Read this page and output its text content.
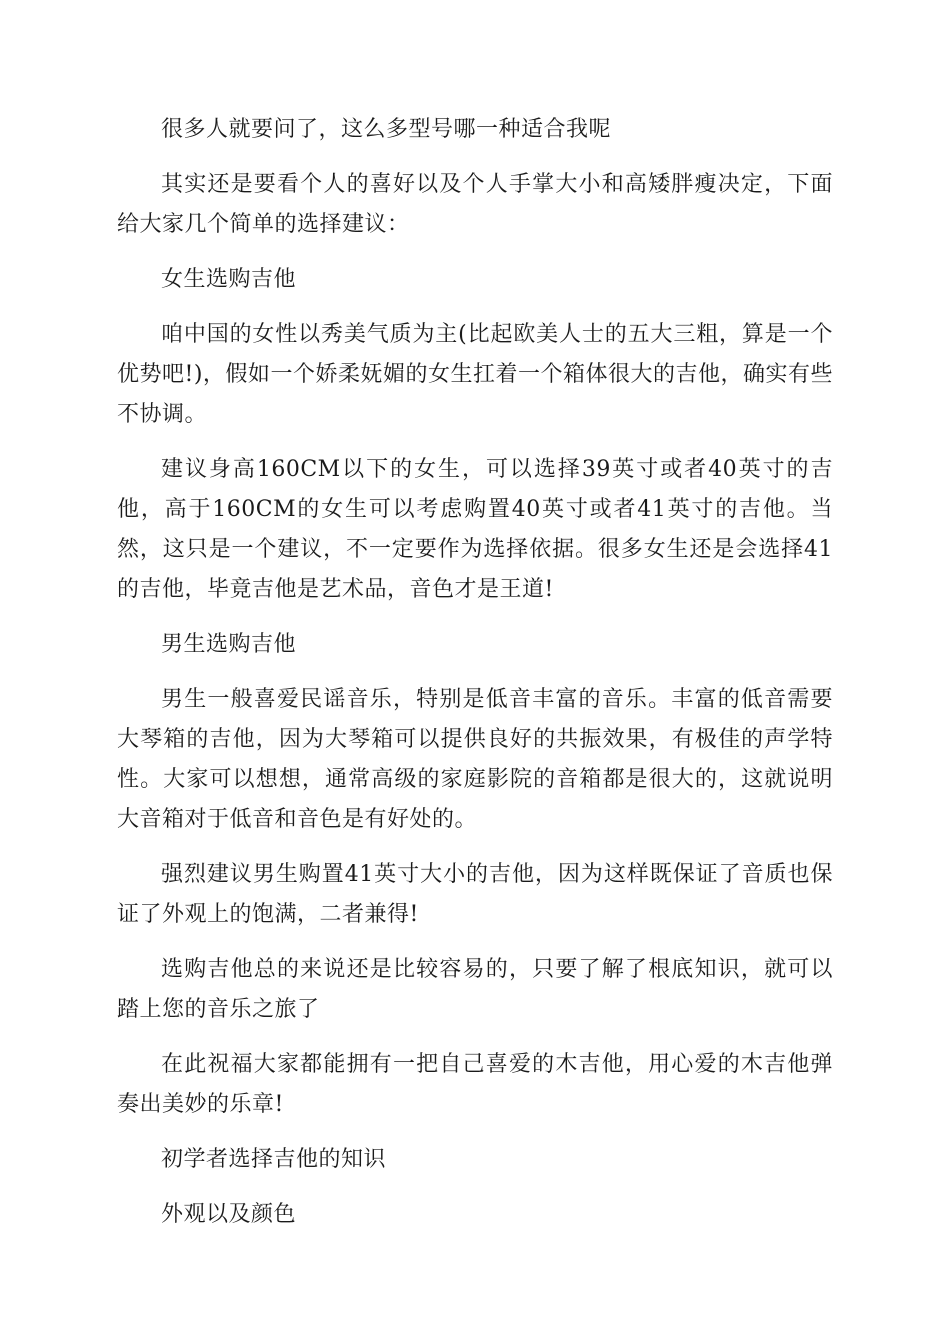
很多人就要问了，这么多型号哪一种适合我呢

其实还是要看个人的喜好以及个人手掌大小和高矮胖瘦决定，下面给大家几个简单的选择建议：

女生选购吉他

咱中国的女性以秀美气质为主(比起欧美人士的五大三粗，算是一个优势吧!)，假如一个娇柔妩媚的女生扛着一个箱体很大的吉他，确实有些不协调。

建议身高160CM以下的女生，可以选择39英寸或者40英寸的吉他，高于160CM的女生可以考虑购置40英寸或者41英寸的吉他。当然，这只是一个建议，不一定要作为选择依据。很多女生还是会选择41的吉他，毕竟吉他是艺术品，音色才是王道!

男生选购吉他

男生一般喜爱民谣音乐，特别是低音丰富的音乐。丰富的低音需要大琴箱的吉他，因为大琴箱可以提供良好的共振效果，有极佳的声学特性。大家可以想想，通常高级的家庭影院的音箱都是很大的，这就说明大音箱对于低音和音色是有好处的。

强烈建议男生购置41英寸大小的吉他，因为这样既保证了音质也保证了外观上的饱满，二者兼得!

选购吉他总的来说还是比较容易的，只要了解了根底知识，就可以踏上您的音乐之旅了

在此祝福大家都能拥有一把自己喜爱的木吉他，用心爱的木吉他弹奏出美妙的乐章!

初学者选择吉他的知识

外观以及颜色
